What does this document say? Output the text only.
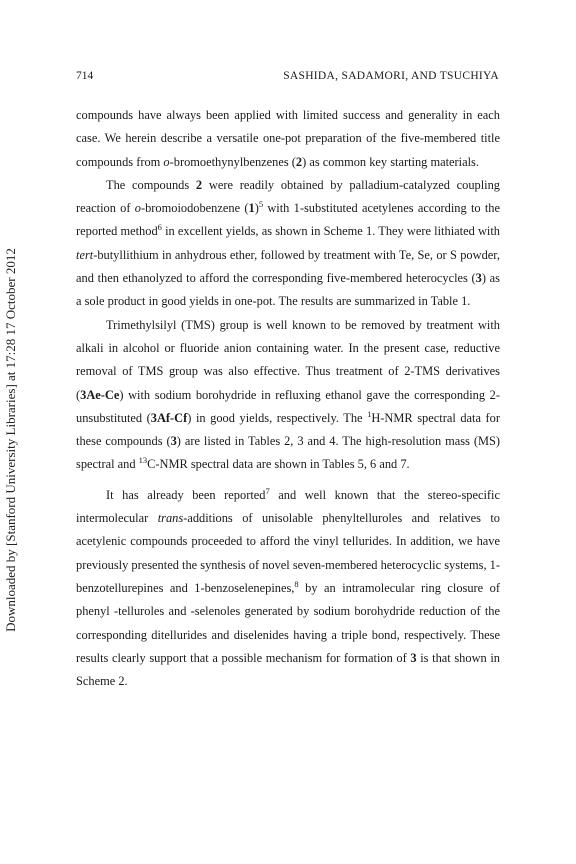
Downloaded by [Stanford University Libraries] at 17:28 17 October 2012
714	SASHIDA, SADAMORI, AND TSUCHIYA

compounds have always been applied with limited success and generality in each case. We herein describe a versatile one-pot preparation of the five-membered title compounds from o-bromoethynylbenzenes (2) as common key starting materials.

The compounds 2 were readily obtained by palladium-catalyzed coupling reaction of o-bromoiodobenzene $(1)^5$ with 1-substituted acetylenes according to the reported method$^6$ in excellent yields, as shown in Scheme 1. They were lithiated with tert-butyllithium in anhydrous ether, followed by treatment with Te, Se, or S powder, and then ethanolyzed to afford the corresponding five-membered heterocycles (3) as a sole product in good yields in one-pot. The results are summarized in Table 1.

Trimethylsilyl (TMS) group is well known to be removed by treatment with alkali in alcohol or fluoride anion containing water. In the present case, reductive removal of TMS group was also effective. Thus treatment of 2-TMS derivatives (3Ae-Ce) with sodium borohydride in refluxing ethanol gave the corresponding 2-unsubstituted (3Af-Cf) in good yields, respectively. The $^1$H-NMR spectral data for these compounds (3) are listed in Tables 2, 3 and 4. The high-resolution mass (MS) spectral and $^{13}$C-NMR spectral data are shown in Tables 5, 6 and 7.

It has already been reported$^7$ and well known that the stereo-specific intermolecular trans-additions of unisolable phenyltelluroles and relatives to acetylenic compounds proceeded to afford the vinyl tellurides. In addition, we have previously presented the synthesis of novel seven-membered heterocyclic systems, 1-benzotellurepines and 1-benzoselenepines,$^8$ by an intramolecular ring closure of phenyl -telluroles and -selenoles generated by sodium borohydride reduction of the corresponding ditellurides and diselenides having a triple bond, respectively. These results clearly support that a possible mechanism for formation of 3 is that shown in Scheme 2.
